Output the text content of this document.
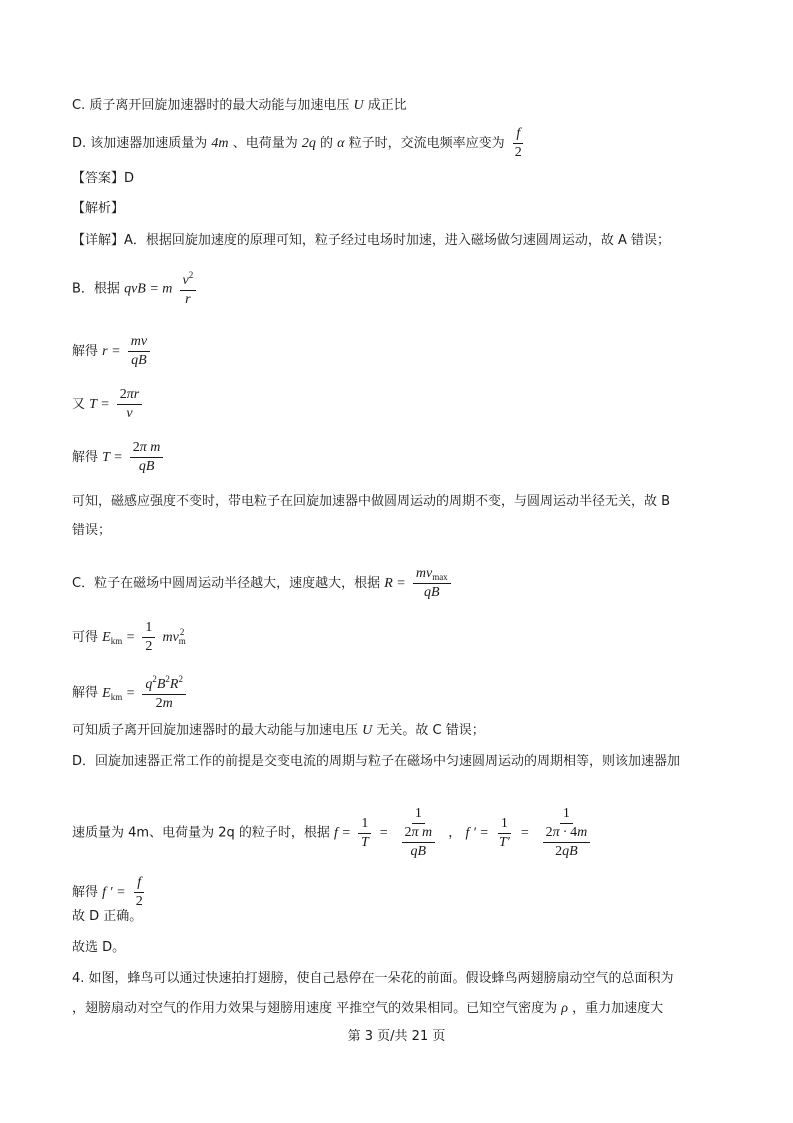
C. 质子离开回旋加速器时的最大动能与加速电压 U 成正比
D. 该加速器加速质量为 4m 、电荷量为 2q 的 α 粒子时，交流电频率应变为 $\frac{f}{2}$
【答案】D
【解析】
【详解】A．根据回旋加速度的原理可知，粒子经过电场时加速，进入磁场做匀速圆周运动，故 A 错误；
B．根据 qvB = m $\frac{v^2}{r}$
解得 $r = \frac{mv}{qB}$
又 $T = \frac{2\pi r}{v}$
解得 $T = \frac{\text{2π m}}{qB}$
可知，磁感应强度不变时，带电粒子在回旋加速器中做圆周运动的周期不变，与圆周运动半径无关，故 B
错误；
C．粒子在磁场中圆周运动半径越大，速度越大，根据 $R = \frac{mv_{max}}{qB}$
可得 $E_{km} = \frac{1}{2} mv_m^2$
解得 $E_{km} = \frac{q^2B^2R^2}{2m}$
可知质子离开回旋加速器时的最大动能与加速电压 U 无关。故 C 错误；
D．回旋加速器正常工作的前提是交变电流的周期与粒子在磁场中匀速圆周运动的周期相等，则该加速器加
速质量为 4m、电荷量为 2q 的粒子时，根据 $f = \frac{1}{T} = \frac{1}{\frac{\text{2π m}}{qB}}$ ， f ′ = $\frac{1}{T'} = \frac{1}{\frac{2\pi \cdot 4m}{2qB}}$
解得 f ′ = $\frac{f}{2}$
故 D 正确。
故选 D。
4. 如图，蜂鸟可以通过快速拍打翅膀，使自己悬停在一朵花的前面。假设蜂鸟两翅膀扇动空气的总面积为
，翅膀扇动对空气的作用力效果与翅膀用速度 平推空气的效果相同。已知空气密度为 ρ ，重力加速度大
第 3 页/共 21 页
